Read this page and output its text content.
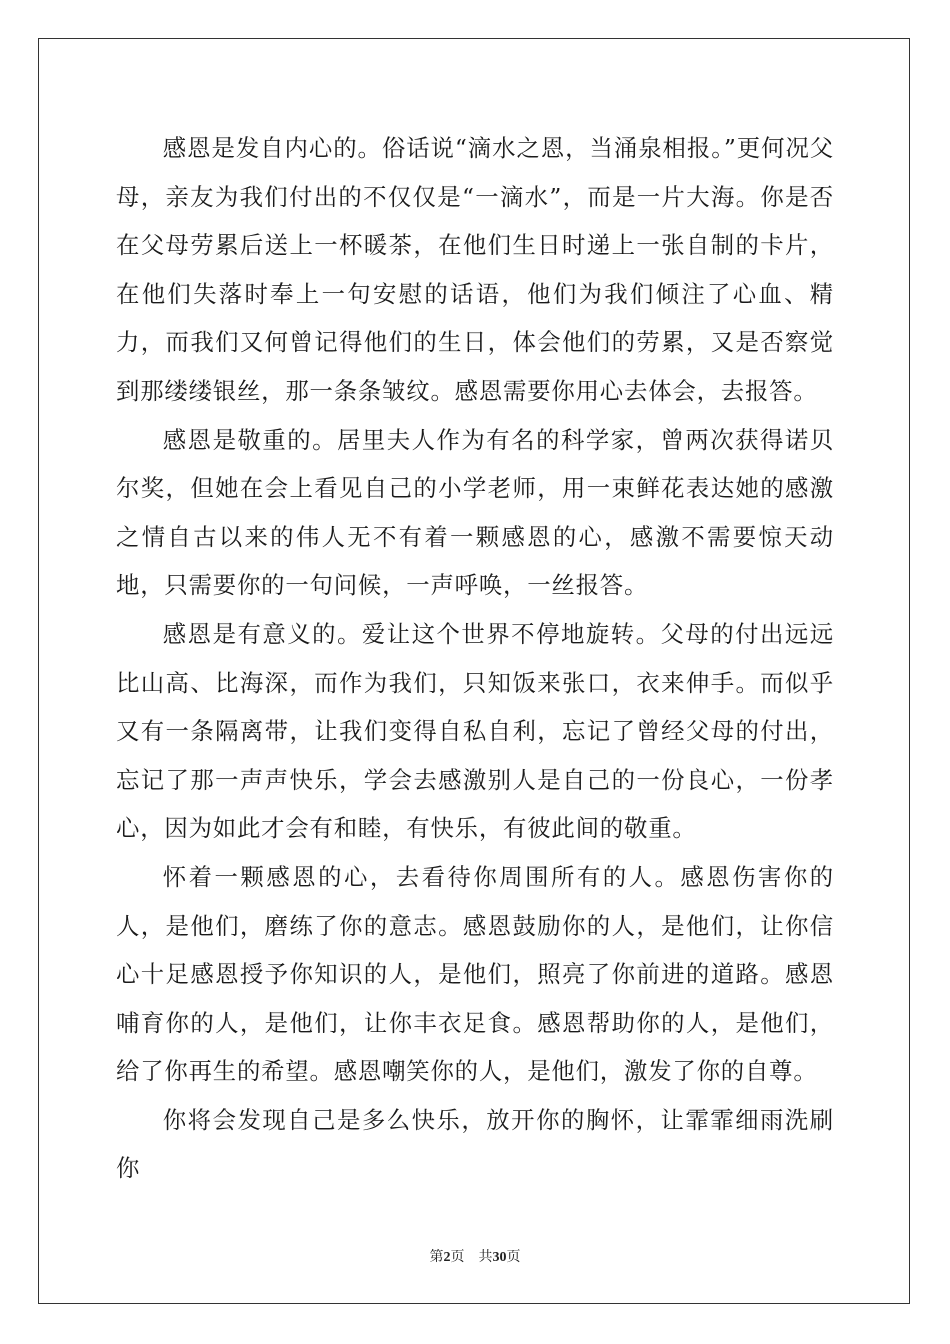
感恩是发自内心的。俗话说“滴水之恩，当涌泉相报。”更何况父母，亲友为我们付出的不仅仅是“一滴水”，而是一片大海。你是否在父母劳累后送上一杯暖茶，在他们生日时递上一张自制的卡片，在他们失落时奉上一句安慰的话语，他们为我们倾注了心血、精力，而我们又何曾记得他们的生日，体会他们的劳累，又是否察觉到那缕缕银丝，那一条条皱纹。感恩需要你用心去体会，去报答。

感恩是敬重的。居里夫人作为有名的科学家，曾两次获得诺贝尔奖，但她在会上看见自己的小学老师，用一束鲜花表达她的感激之情自古以来的伟人无不有着一颗感恩的心，感激不需要惊天动地，只需要你的一句问候，一声呼唤，一丝报答。

感恩是有意义的。爱让这个世界不停地旋转。父母的付出远远比山高、比海深，而作为我们，只知饭来张口，衣来伸手。而似乎又有一条隔离带，让我们变得自私自利，忘记了曾经父母的付出，忘记了那一声声快乐，学会去感激别人是自己的一份良心，一份孝心，因为如此才会有和睦，有快乐，有彼此间的敬重。

怀着一颗感恩的心，去看待你周围所有的人。感恩伤害你的人，是他们，磨练了你的意志。感恩鼓励你的人，是他们，让你信心十足感恩授予你知识的人，是他们，照亮了你前进的道路。感恩哺育你的人，是他们，让你丰衣足食。感恩帮助你的人，是他们，给了你再生的希望。感恩嘲笑你的人，是他们，激发了你的自尊。

你将会发现自己是多么快乐，放开你的胸怀，让霏霏细雨洗刷你

第2页 共30页
